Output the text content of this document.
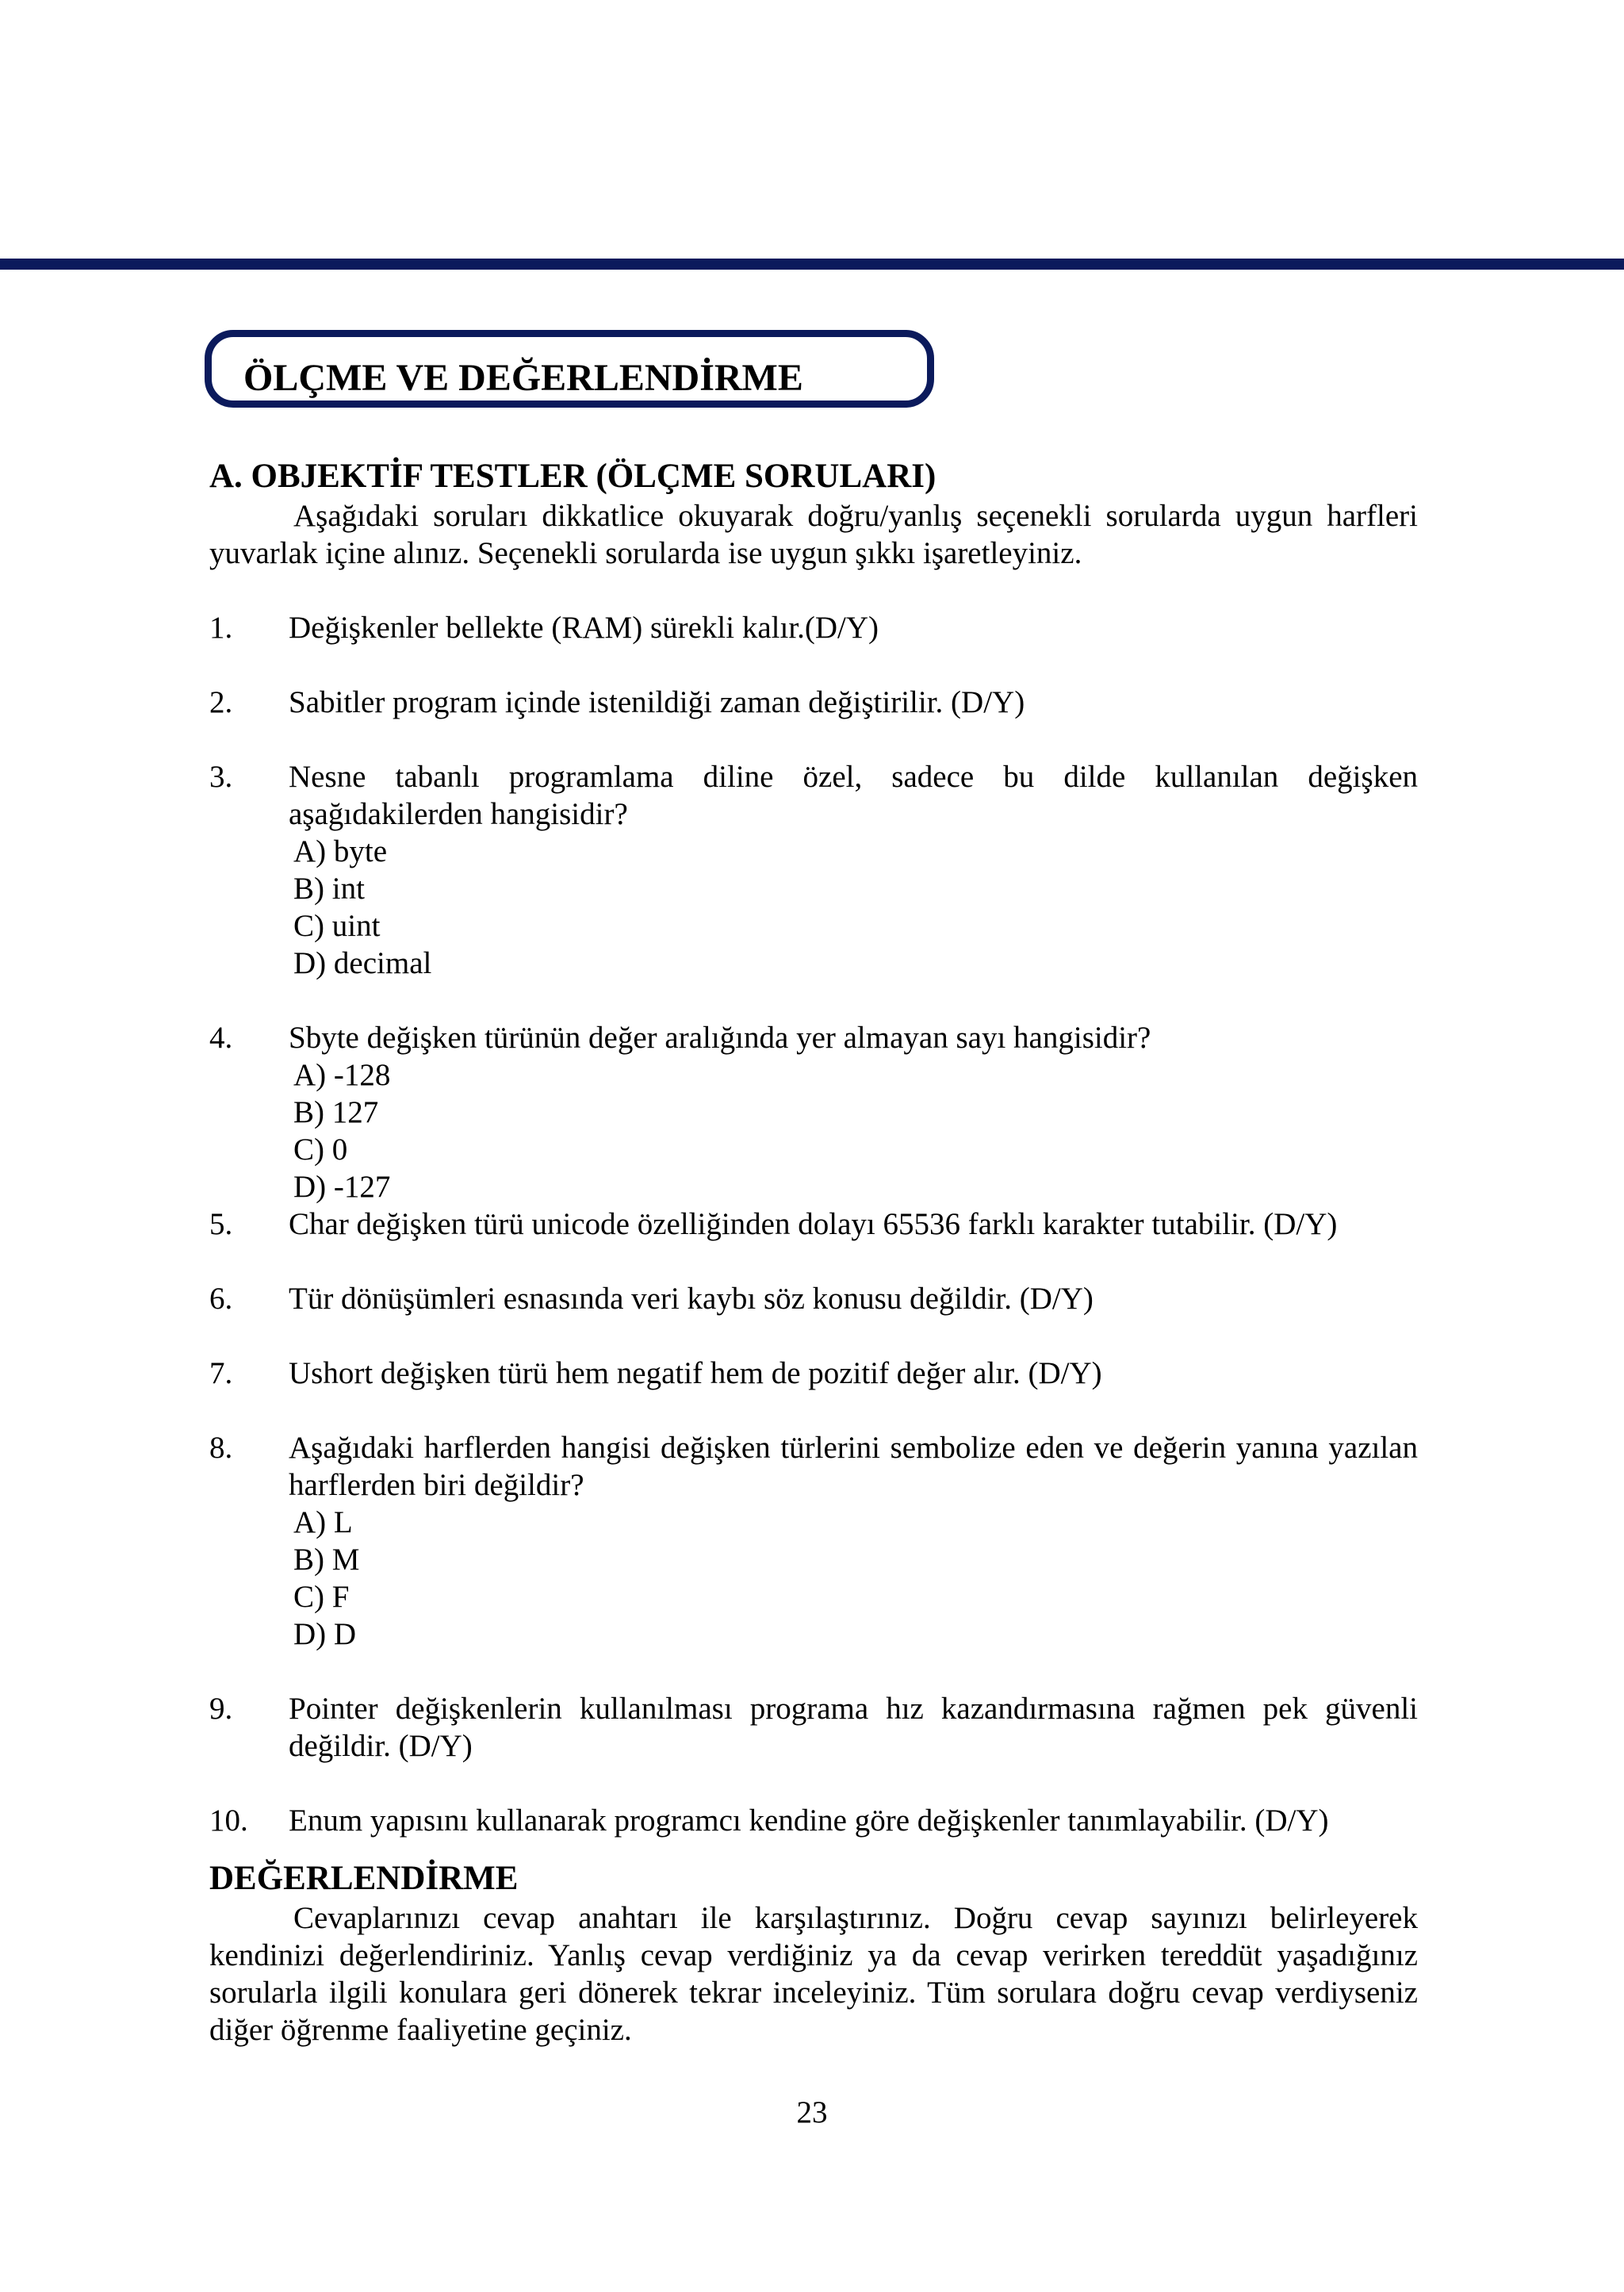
ÖLÇME VE DEĞERLENDİRME
A. OBJEKTİF TESTLER (ÖLÇME SORULARI)

Aşağıdaki soruları dikkatlice okuyarak doğru/yanlış seçenekli sorularda uygun harfleri yuvarlak içine alınız. Seçenekli sorularda ise uygun şıkkı işaretleyiniz.

1. Değişkenler bellekte (RAM) sürekli kalır.(D/Y)
2. Sabitler program içinde istenildiği zaman değiştirilir. (D/Y)
3. Nesne tabanlı programlama diline özel, sadece bu dilde kullanılan değişken aşağıdakilerden hangisidir?
A) byte
B) int
C) uint
D) decimal
4. Sbyte değişken türünün değer aralığında yer almayan sayı hangisidir?
A) -128
B) 127
C) 0
D) -127
5. Char değişken türü unicode özelliğinden dolayı 65536 farklı karakter tutabilir. (D/Y)
6. Tür dönüşümleri esnasında veri kaybı söz konusu değildir. (D/Y)
7. Ushort değişken türü hem negatif hem de pozitif değer alır. (D/Y)
8. Aşağıdaki harflerden hangisi değişken türlerini sembolize eden ve değerin yanına yazılan harflerden biri değildir?
A) L
B) M
C) F
D) D
9. Pointer değişkenlerin kullanılması programa hız kazandırmasına rağmen pek güvenli değildir. (D/Y)
10. Enum yapısını kullanarak programcı kendine göre değişkenler tanımlayabilir. (D/Y)
DEĞERLENDİRME

Cevaplarınızı cevap anahtarı ile karşılaştırınız. Doğru cevap sayınızı belirleyerek kendinizi değerlendiriniz. Yanlış cevap verdiğiniz ya da cevap verirken tereddüt yaşadığınız sorularla ilgili konulara geri dönerek tekrar inceleyiniz. Tüm sorulara doğru cevap verdiyseniz diğer öğrenme faaliyetine geçiniz.

23
